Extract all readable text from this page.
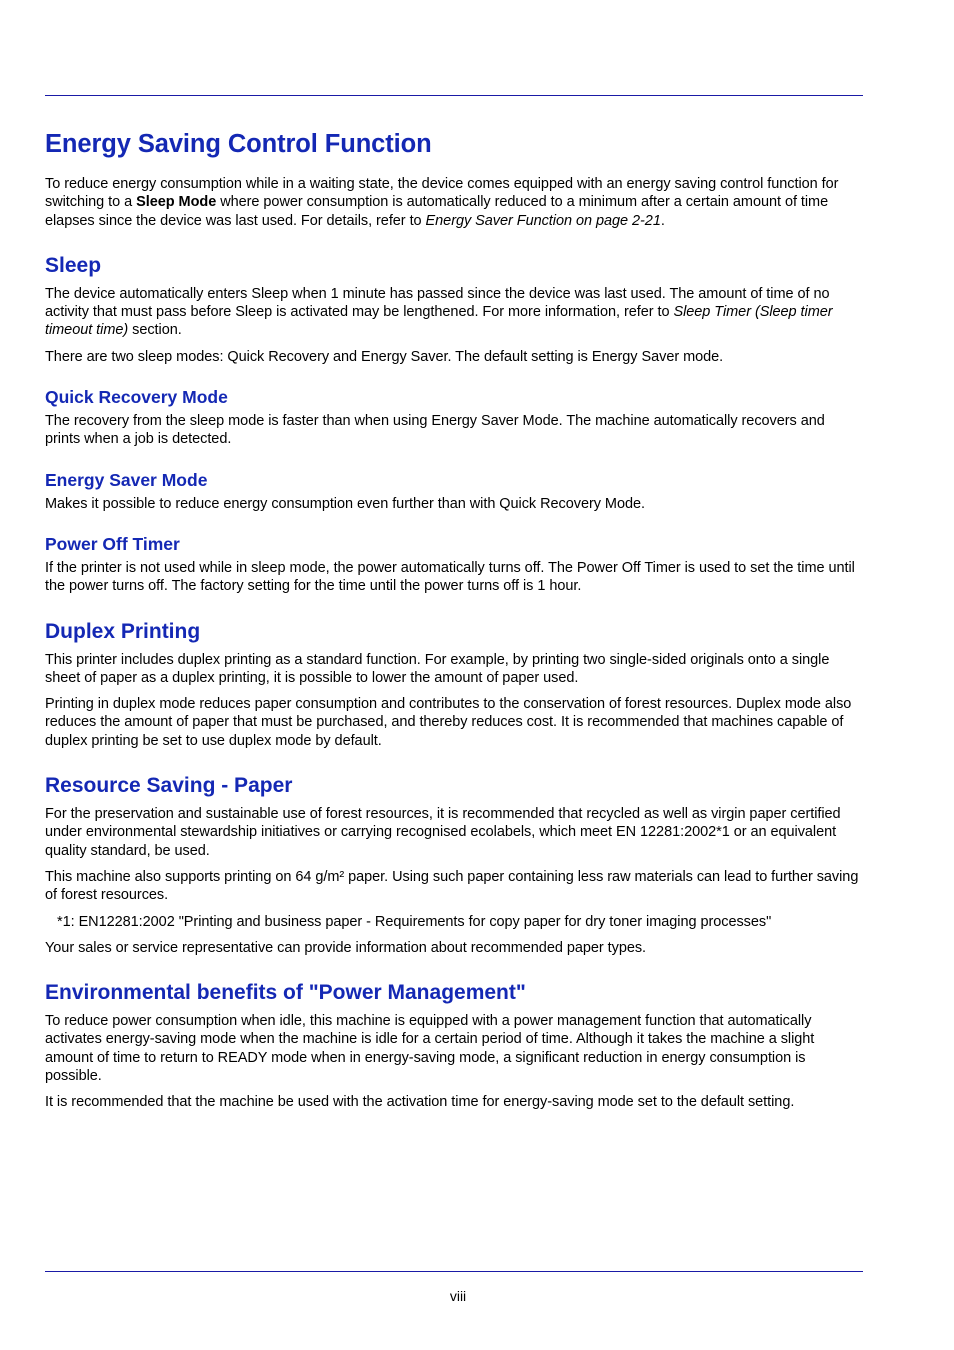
Energy Saving Control Function

To reduce energy consumption while in a waiting state, the device comes equipped with an energy saving control function for switching to a Sleep Mode where power consumption is automatically reduced to a minimum after a certain amount of time elapses since the device was last used. For details, refer to Energy Saver Function on page 2-21.

Sleep

The device automatically enters Sleep when 1 minute has passed since the device was last used. The amount of time of no activity that must pass before Sleep is activated may be lengthened. For more information, refer to Sleep Timer (Sleep timer timeout time) section.

There are two sleep modes: Quick Recovery and Energy Saver. The default setting is Energy Saver mode.

Quick Recovery Mode

The recovery from the sleep mode is faster than when using Energy Saver Mode. The machine automatically recovers and prints when a job is detected.

Energy Saver Mode

Makes it possible to reduce energy consumption even further than with Quick Recovery Mode.

Power Off Timer

If the printer is not used while in sleep mode, the power automatically turns off. The Power Off Timer is used to set the time until the power turns off. The factory setting for the time until the power turns off is 1 hour.

Duplex Printing

This printer includes duplex printing as a standard function. For example, by printing two single-sided originals onto a single sheet of paper as a duplex printing, it is possible to lower the amount of paper used.

Printing in duplex mode reduces paper consumption and contributes to the conservation of forest resources. Duplex mode also reduces the amount of paper that must be purchased, and thereby reduces cost. It is recommended that machines capable of duplex printing be set to use duplex mode by default.

Resource Saving - Paper

For the preservation and sustainable use of forest resources, it is recommended that recycled as well as virgin paper certified under environmental stewardship initiatives or carrying recognised ecolabels, which meet EN 12281:2002*1 or an equivalent quality standard, be used.

This machine also supports printing on 64 g/m² paper. Using such paper containing less raw materials can lead to further saving of forest resources.

*1: EN12281:2002 "Printing and business paper - Requirements for copy paper for dry toner imaging processes"

Your sales or service representative can provide information about recommended paper types.

Environmental benefits of "Power Management"

To reduce power consumption when idle, this machine is equipped with a power management function that automatically activates energy-saving mode when the machine is idle for a certain period of time. Although it takes the machine a slight amount of time to return to READY mode when in energy-saving mode, a significant reduction in energy consumption is possible.

It is recommended that the machine be used with the activation time for energy-saving mode set to the default setting.

viii
